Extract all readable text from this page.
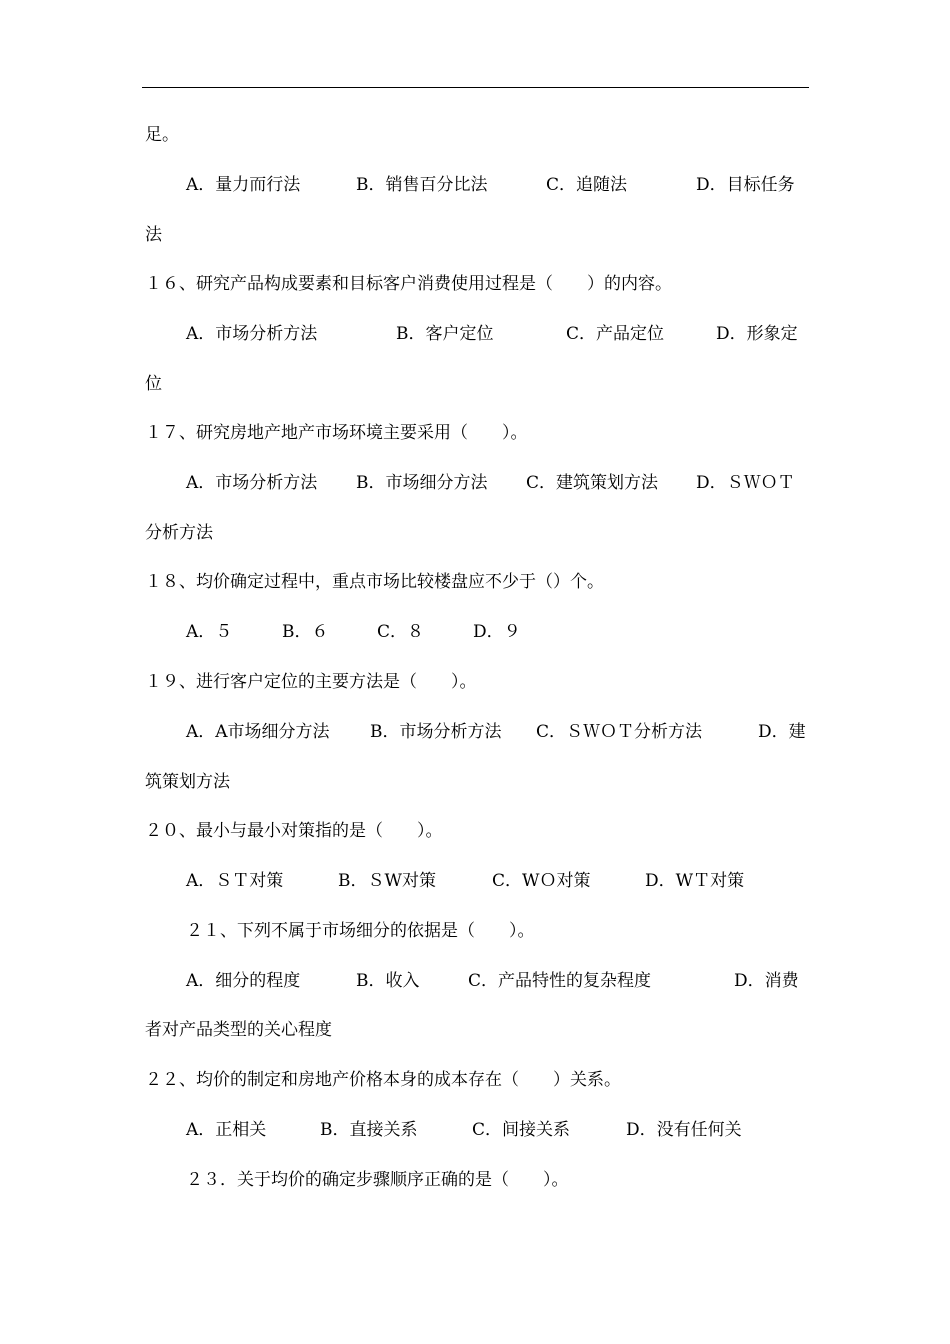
足。
A．量力而行法	B．销售百分比法	C．追随法	D．目标任务
法
１６、研究产品构成要素和目标客户消费使用过程是（　　）的内容。
A．市场分析方法	B．客户定位	C．产品定位	D．形象定
位
１７、研究房地产地产市场环境主要采用（　　）。
A．市场分析方法 B．市场细分方法 C．建筑策划方法 D．ＳＷＯＴ
分析方法
１８、均价确定过程中，重点市场比较楼盘应不少于（）个。
A．５	B．６	C．８	D．９
１９、进行客户定位的主要方法是（　　）。
A．A市场细分方法 B．市场分析方法 C．ＳＷＯＴ分析方法	D．建
筑策划方法
２０、最小与最小对策指的是（　　）。
A．ＳＴ对策	B．ＳW对策	C．WＯ对策	D．WＴ对策
２１、下列不属于市场细分的依据是（　　）。
A．细分的程度	B．收入	C．产品特性的复杂程度	D．消费
者对产品类型的关心程度
２２、均价的制定和房地产价格本身的成本存在（　　）关系。
A．正相关	B．直接关系	C．间接关系	D．没有任何关
２３．关于均价的确定步骤顺序正确的是（　　）。
